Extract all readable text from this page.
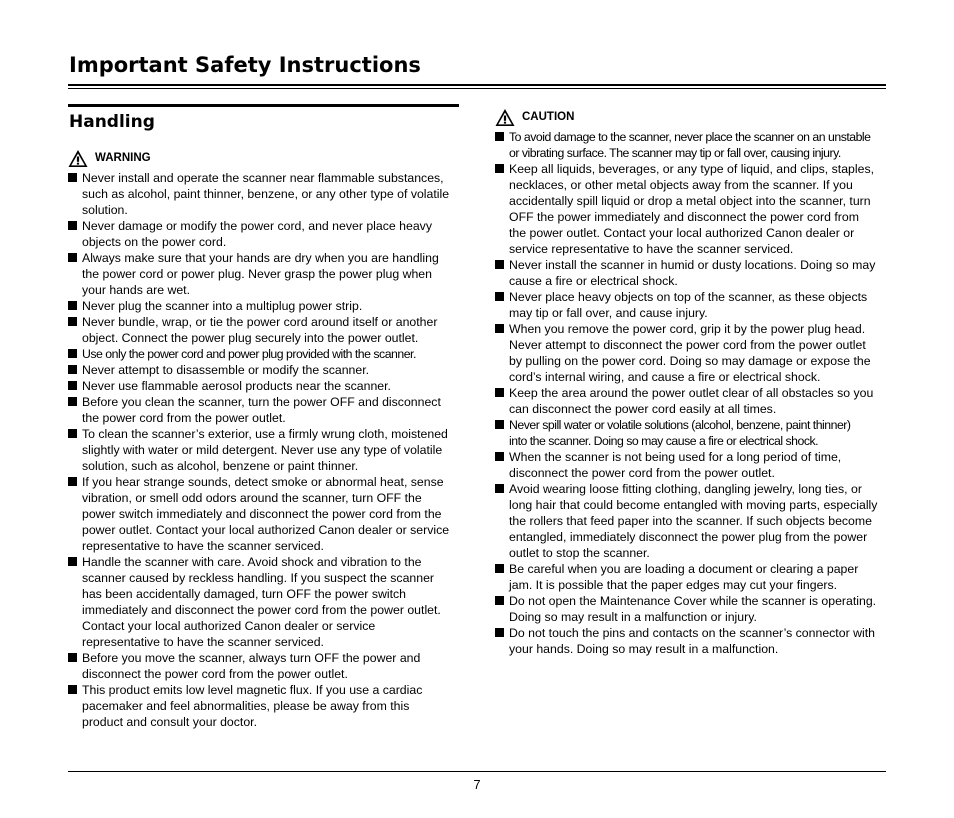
Important Safety Instructions
Handling
WARNING
Never install and operate the scanner near flammable substances,
such as alcohol, paint thinner, benzene, or any other type of volatile
solution.
Never damage or modify the power cord, and never place heavy
objects on the power cord.
Always make sure that your hands are dry when you are handling
the power cord or power plug. Never grasp the power plug when
your hands are wet.
Never plug the scanner into a multiplug power strip.
Never bundle, wrap, or tie the power cord around itself or another
object. Connect the power plug securely into the power outlet.
Use only the power cord and power plug provided with the scanner.
Never attempt to disassemble or modify the scanner.
Never use flammable aerosol products near the scanner.
Before you clean the scanner, turn the power OFF and disconnect
the power cord from the power outlet.
To clean the scanner’s exterior, use a firmly wrung cloth, moistened
slightly with water or mild detergent. Never use any type of volatile
solution, such as alcohol, benzene or paint thinner.
If you hear strange sounds, detect smoke or abnormal heat, sense
vibration, or smell odd odors around the scanner, turn OFF the
power switch immediately and disconnect the power cord from the
power outlet. Contact your local authorized Canon dealer or service
representative to have the scanner serviced.
Handle the scanner with care. Avoid shock and vibration to the
scanner caused by reckless handling. If you suspect the scanner
has been accidentally damaged, turn OFF the power switch
immediately and disconnect the power cord from the power outlet.
Contact your local authorized Canon dealer or service
representative to have the scanner serviced.
Before you move the scanner, always turn OFF the power and
disconnect the power cord from the power outlet.
This product emits low level magnetic flux. If you use a cardiac
pacemaker and feel abnormalities, please be away from this
product and consult your doctor.
CAUTION
To avoid damage to the scanner, never place the scanner on an unstable
or vibrating surface. The scanner may tip or fall over, causing injury.
Keep all liquids, beverages, or any type of liquid, and clips, staples,
necklaces, or other metal objects away from the scanner. If you
accidentally spill liquid or drop a metal object into the scanner, turn
OFF the power immediately and disconnect the power cord from
the power outlet. Contact your local authorized Canon dealer or
service representative to have the scanner serviced.
Never install the scanner in humid or dusty locations. Doing so may
cause a fire or electrical shock.
Never place heavy objects on top of the scanner, as these objects
may tip or fall over, and cause injury.
When you remove the power cord, grip it by the power plug head.
Never attempt to disconnect the power cord from the power outlet
by pulling on the power cord. Doing so may damage or expose the
cord’s internal wiring, and cause a fire or electrical shock.
Keep the area around the power outlet clear of all obstacles so you
can disconnect the power cord easily at all times.
Never spill water or volatile solutions (alcohol, benzene, paint thinner)
into the scanner. Doing so may cause a fire or electrical shock.
When the scanner is not being used for a long period of time,
disconnect the power cord from the power outlet.
Avoid wearing loose fitting clothing, dangling jewelry, long ties, or
long hair that could become entangled with moving parts, especially
the rollers that feed paper into the scanner. If such objects become
entangled, immediately disconnect the power plug from the power
outlet to stop the scanner.
Be careful when you are loading a document or clearing a paper
jam. It is possible that the paper edges may cut your fingers.
Do not open the Maintenance Cover while the scanner is operating.
Doing so may result in a malfunction or injury.
Do not touch the pins and contacts on the scanner’s connector with
your hands. Doing so may result in a malfunction.
7
